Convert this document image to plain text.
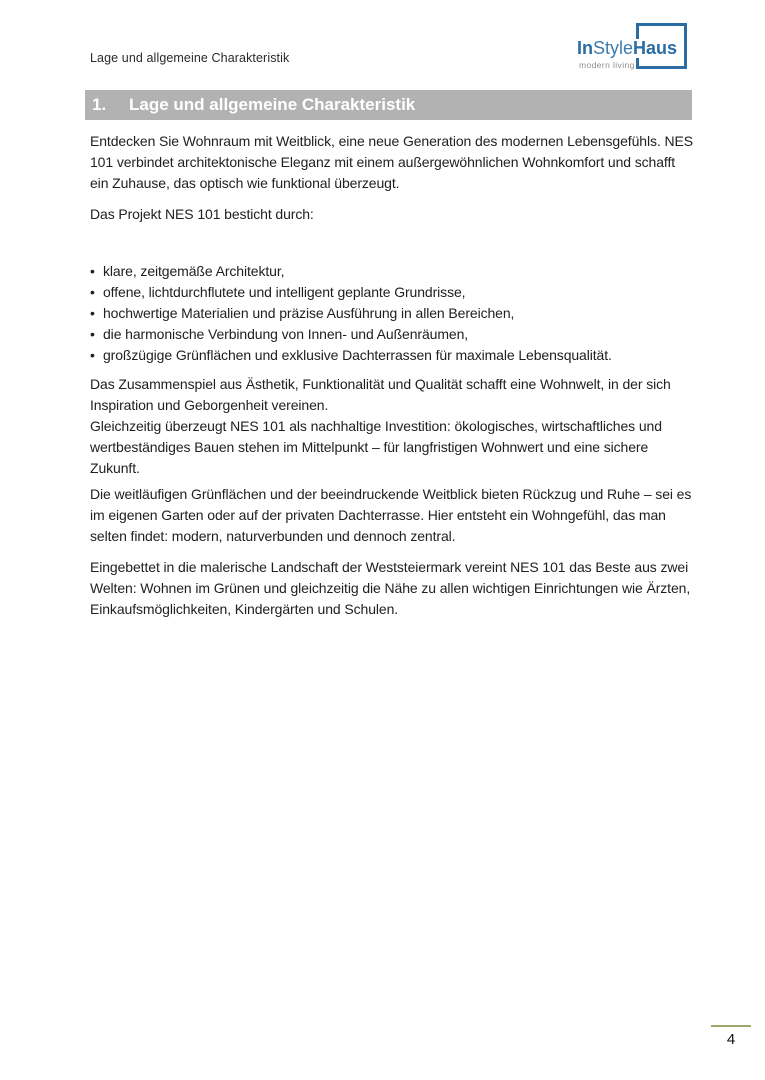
Lage und allgemeine Charakteristik	InStyleHaus
modern living
1. Lage und allgemeine Charakteristik
Entdecken Sie Wohnraum mit Weitblick, eine neue Generation des modernen Lebensgefühls. NES 101 verbindet architektonische Eleganz mit einem außergewöhnlichen Wohnkomfort und schafft ein Zuhause, das optisch wie funktional überzeugt.
Das Projekt NES 101 besticht durch:
• klare, zeitgemäße Architektur,
• offene, lichtdurchflutete und intelligent geplante Grundrisse,
• hochwertige Materialien und präzise Ausführung in allen Bereichen,
• die harmonische Verbindung von Innen- und Außenräumen,
• großzügige Grünflächen und exklusive Dachterrassen für maximale Lebensqualität.
Das Zusammenspiel aus Ästhetik, Funktionalität und Qualität schafft eine Wohnwelt, in der sich Inspiration und Geborgenheit vereinen.
Gleichzeitig überzeugt NES 101 als nachhaltige Investition: ökologisches, wirtschaftliches und wertbeständiges Bauen stehen im Mittelpunkt – für langfristigen Wohnwert und eine sichere Zukunft.
Die weitläufigen Grünflächen und der beeindruckende Weitblick bieten Rückzug und Ruhe – sei es im eigenen Garten oder auf der privaten Dachterrasse. Hier entsteht ein Wohngefühl, das man selten findet: modern, naturverbunden und dennoch zentral.
Eingebettet in die malerische Landschaft der Weststeiermark vereint NES 101 das Beste aus zwei Welten: Wohnen im Grünen und gleichzeitig die Nähe zu allen wichtigen Einrichtungen wie Ärzten, Einkaufsmöglichkeiten, Kindergärten und Schulen.
4
